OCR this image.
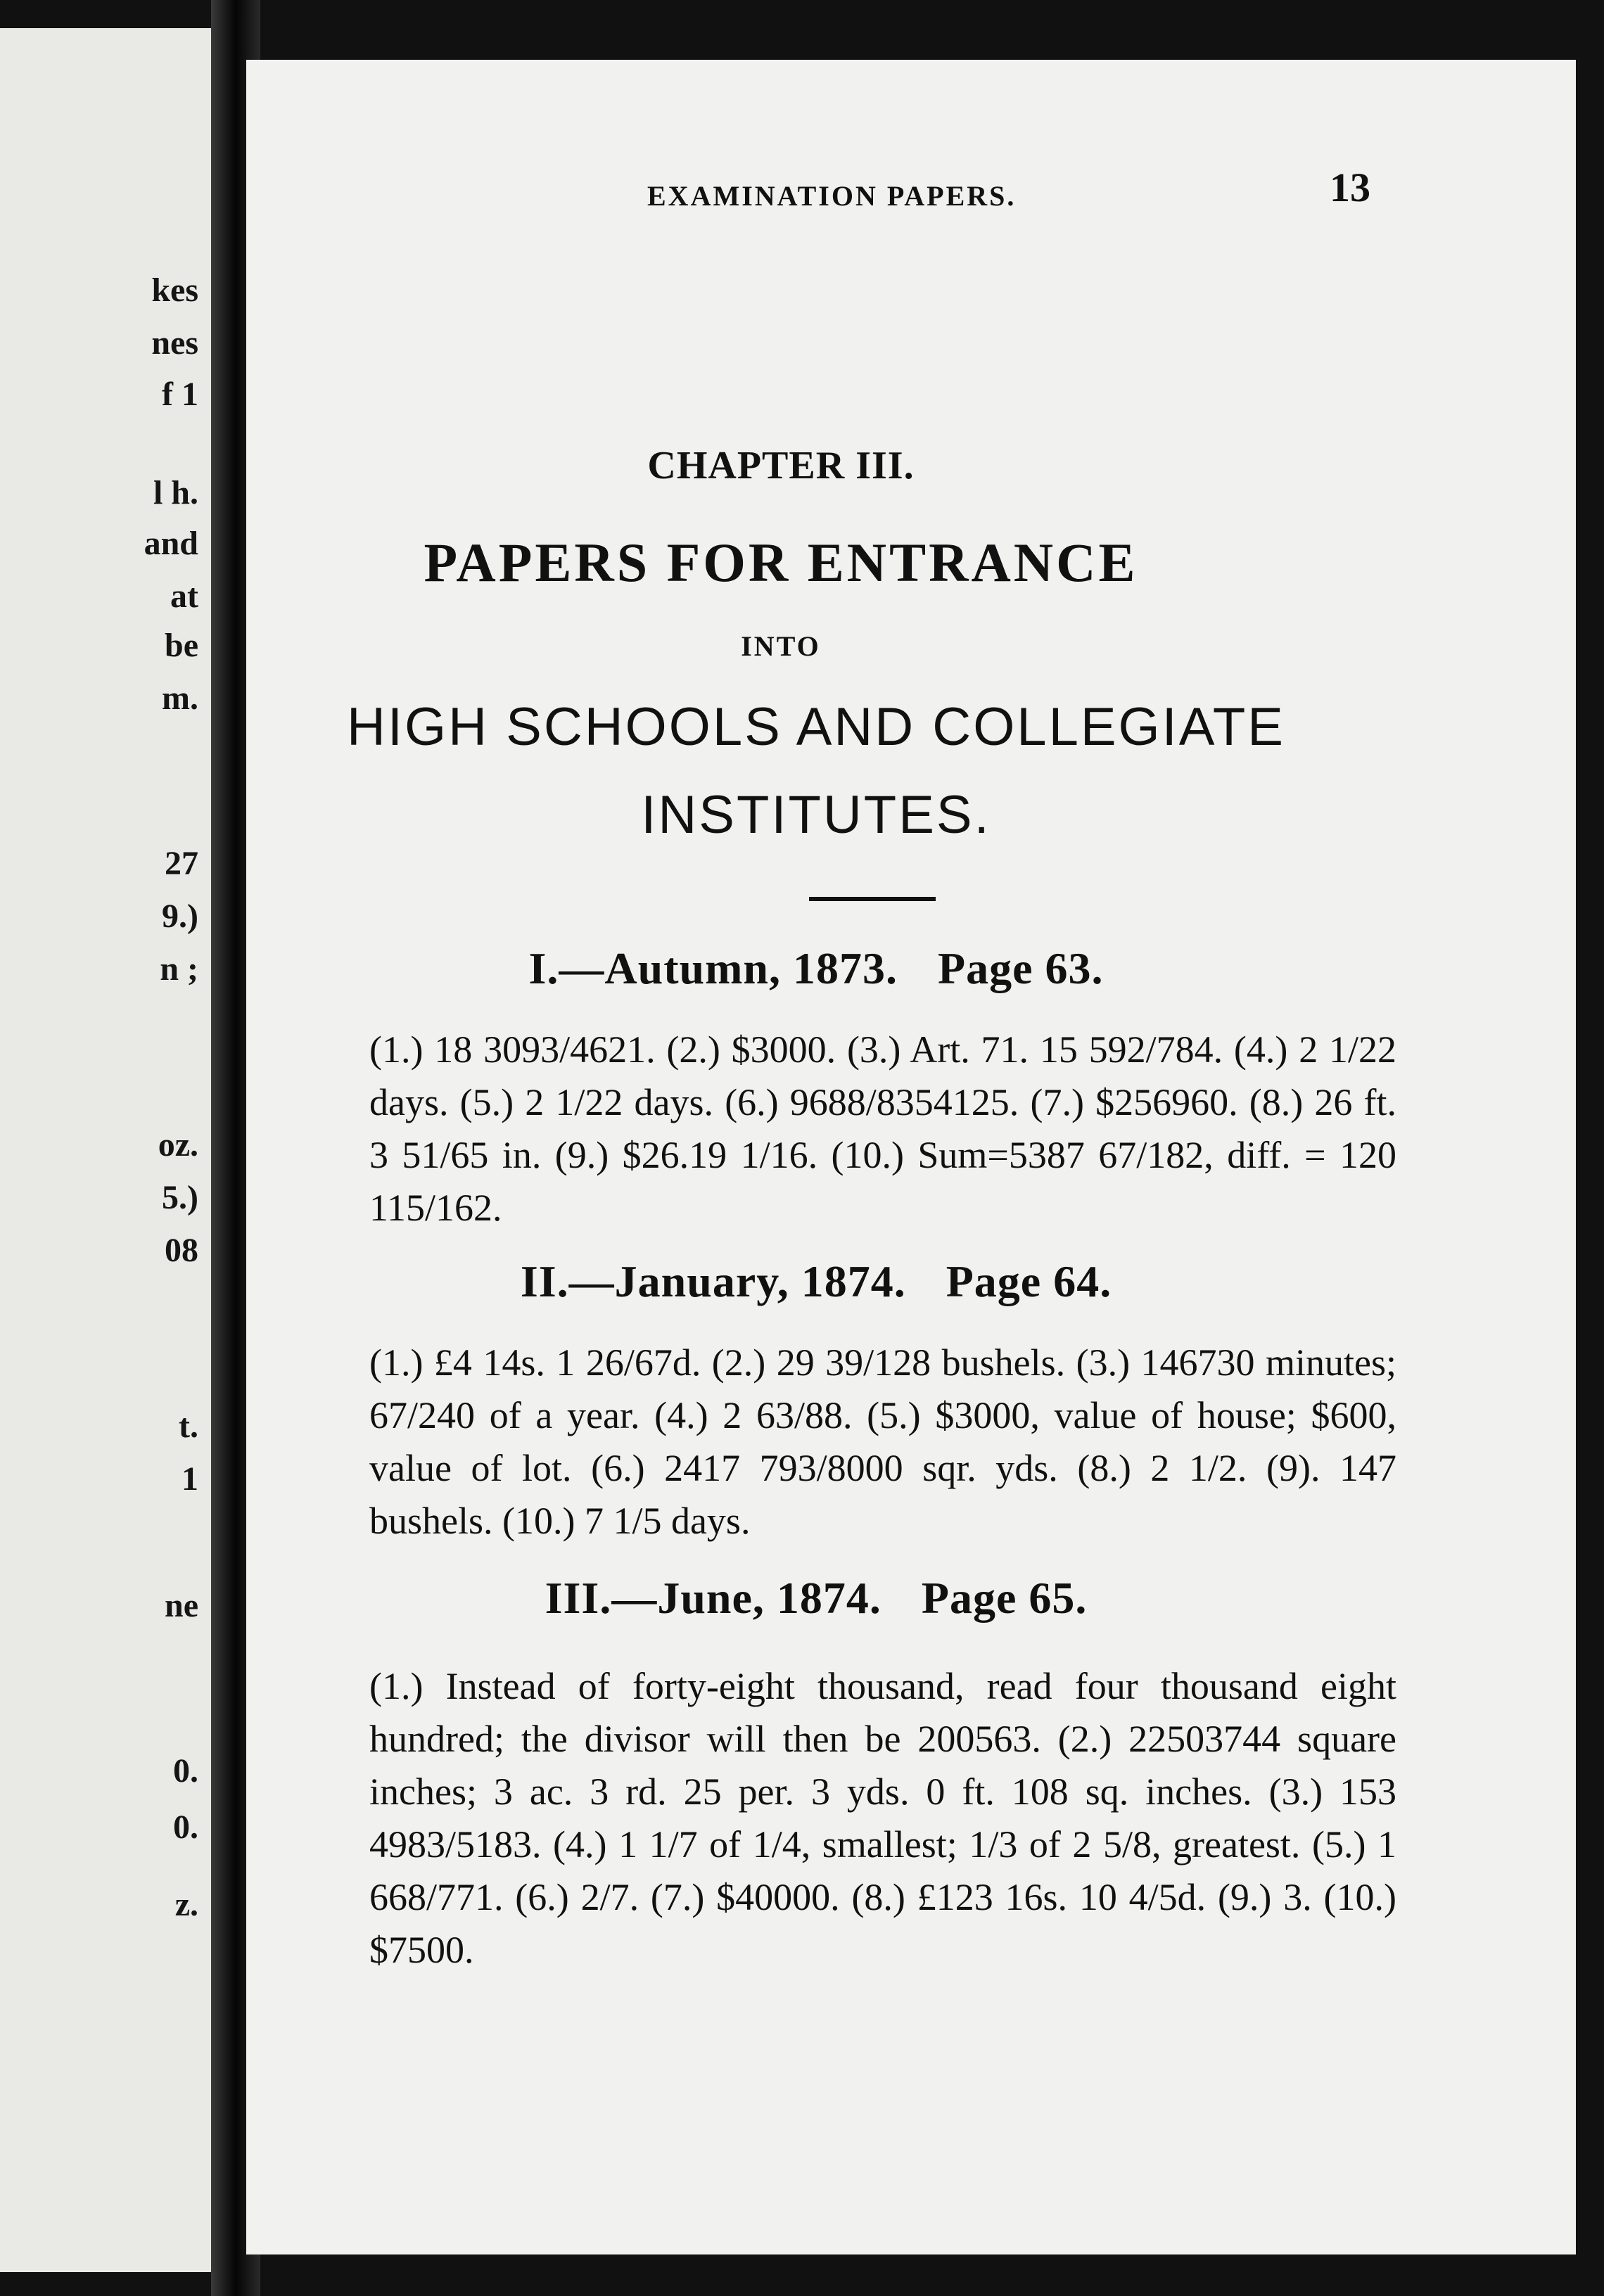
kes
nes
f 1
l h.
and
at
be
m.
27
9.)
n ;
oz.
5.)
08
t.
1
ne
0.
0.
z.
EXAMINATION PAPERS.	13
CHAPTER III.
PAPERS FOR ENTRANCE
INTO
HIGH SCHOOLS AND COLLEGIATE
INSTITUTES.
I.—Autumn, 1873. Page 63.
(1.) 18 3093/4621. (2.) $3000. (3.) Art. 71. 15 592/784. (4.) 2 1/22 days. (5.) 2 1/22 days. (6.) 9688/8354125. (7.) $256960. (8.) 26 ft. 3 51/65 in. (9.) $26.19 1/16. (10.) Sum=5387 67/182, diff. = 120 115/162.
II.—January, 1874. Page 64.
(1.) £4 14s. 1 26/67d. (2.) 29 39/128 bushels. (3.) 146730 minutes; 67/240 of a year. (4.) 2 63/88. (5.) $3000, value of house; $600, value of lot. (6.) 2417 793/8000 sqr. yds. (8.) 2 1/2. (9). 147 bushels. (10.) 7 1/5 days.
III.—June, 1874. Page 65.
(1.) Instead of forty-eight thousand, read four thousand eight hundred; the divisor will then be 200563. (2.) 22503744 square inches; 3 ac. 3 rd. 25 per. 3 yds. 0 ft. 108 sq. inches. (3.) 153 4983/5183. (4.) 1 1/7 of 1/4, smallest; 1/3 of 2 5/8, greatest. (5.) 1 668/771. (6.) 2/7. (7.) $40000. (8.) £123 16s. 10 4/5d. (9.) 3. (10.) $7500.
